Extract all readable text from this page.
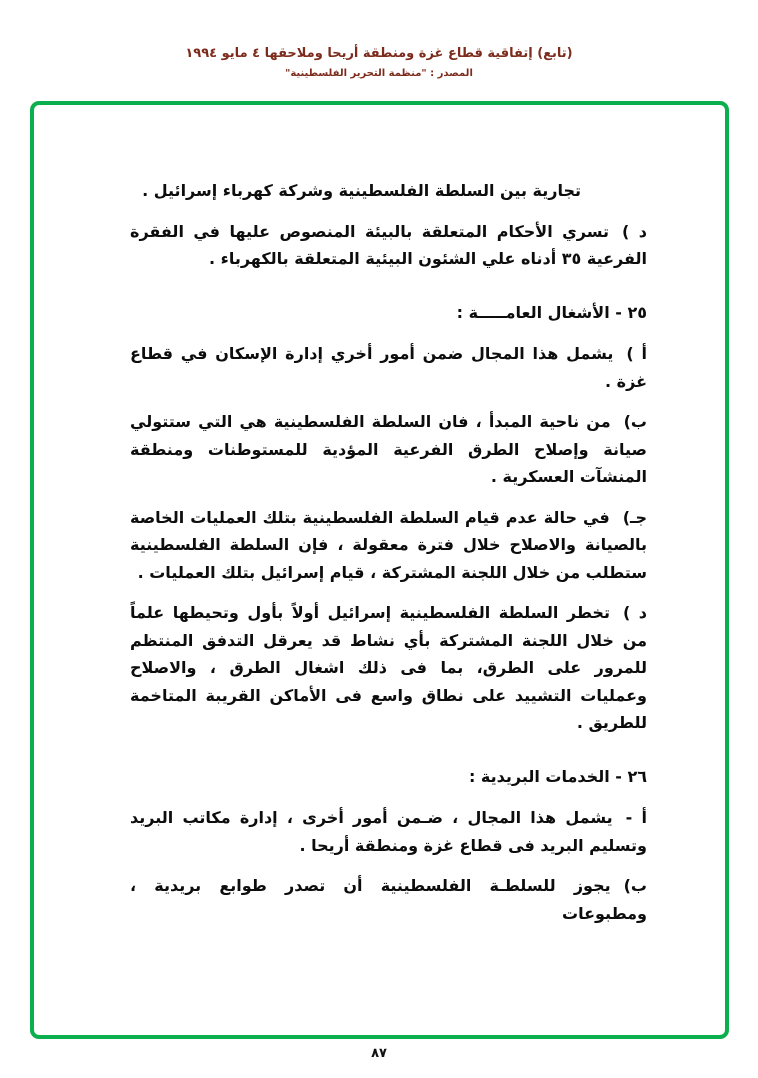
(تابع) إتفاقية قطاع غزة ومنطقة أريحا وملاحقها ٤ مايو ١٩٩٤
المصدر : "منظمة التحرير الفلسطينية"

تجارية بين السلطة الفلسطينية وشركة كهرباء إسرائيل .

د )تسري الأحكام المتعلقة بالبيئة المنصوص عليها في الفقرة الفرعية ٣٥ أدناه علي الشئون البيئية المتعلقة بالكهرباء .

٢٥ - الأشغال العامـــــة :

أ )يشمل هذا المجال ضمن أمور أخري إدارة الإسكان في قطاع غزة .

ب)من ناحية المبدأ ، فان السلطة الفلسطينية هي التي ستتولي صيانة وإصلاح الطرق الفرعية المؤدية للمستوطنات ومنطقة المنشآت العسكرية .

جـ)في حالة عدم قيام السلطة الفلسطينية بتلك العمليات الخاصة بالصيانة والاصلاح خلال فترة معقولة ، فإن السلطة الفلسطينية ستطلب من خلال اللجنة المشتركة ، قيام إسرائيل بتلك العمليات .

د )تخطر السلطة الفلسطينية إسرائيل أولاً بأول وتحيطها علماً من خلال اللجنة المشتركة بأي نشاط قد يعرقل التدفق المنتظم للمرور على الطرق، بما فى ذلك اشغال الطرق ، والاصلاح وعمليات التشييد على نطاق واسع فى الأماكن القريبة المتاخمة للطريق .

٢٦ - الخدمات البريدية :

أ -يشمل هذا المجال ، ضـمن أمور أخرى ، إدارة مكاتب البريد وتسليم البريد فى قطاع غزة ومنطقة أريحا .

ب)يجوز للسلطـة الفلسطينية أن تصدر طوابع بريدية ، ومطبوعات

٨٧
